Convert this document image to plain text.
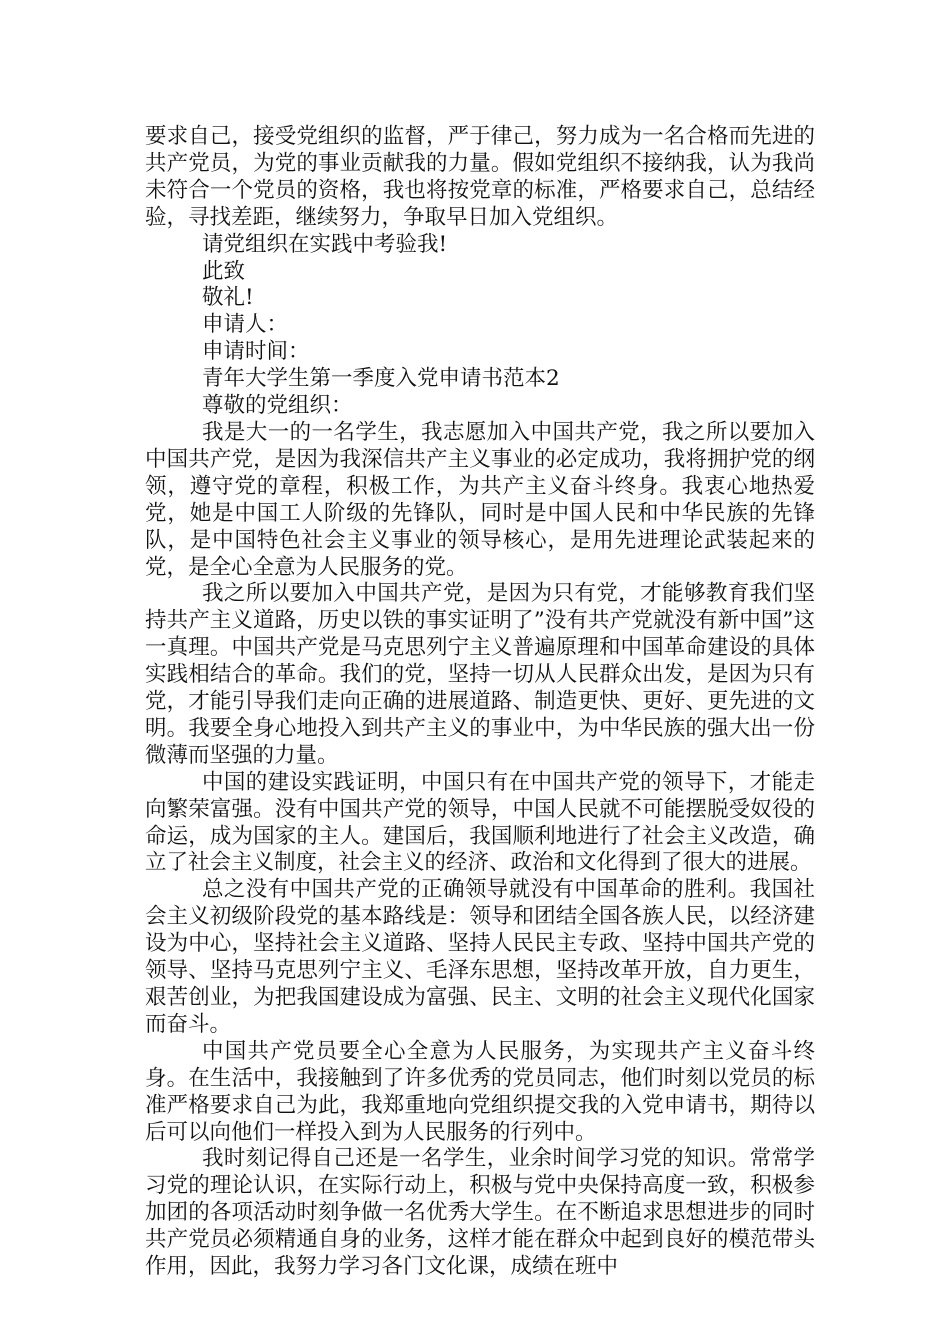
要求自己，接受党组织的监督，严于律己，努力成为一名合格而先进的共产党员，为党的事业贡献我的力量。假如党组织不接纳我，认为我尚未符合一个党员的资格，我也将按党章的标准，严格要求自己，总结经验，寻找差距，继续努力，争取早日加入党组织。

请党组织在实践中考验我!

此致

敬礼!

申请人：

申请时间：

青年大学生第一季度入党申请书范本2

尊敬的党组织：

我是大一的一名学生，我志愿加入中国共产党，我之所以要加入中国共产党，是因为我深信共产主义事业的必定成功，我将拥护党的纲领，遵守党的章程，积极工作，为共产主义奋斗终身。我衷心地热爱党，她是中国工人阶级的先锋队，同时是中国人民和中华民族的先锋队，是中国特色社会主义事业的领导核心，是用先进理论武装起来的党，是全心全意为人民服务的党。

我之所以要加入中国共产党，是因为只有党，才能够教育我们坚持共产主义道路，历史以铁的事实证明了”没有共产党就没有新中国”这一真理。中国共产党是马克思列宁主义普遍原理和中国革命建设的具体实践相结合的革命。我们的党，坚持一切从人民群众出发，是因为只有党，才能引导我们走向正确的进展道路、制造更快、更好、更先进的文明。我要全身心地投入到共产主义的事业中，为中华民族的强大出一份微薄而坚强的力量。

中国的建设实践证明，中国只有在中国共产党的领导下，才能走向繁荣富强。没有中国共产党的领导，中国人民就不可能摆脱受奴役的命运，成为国家的主人。建国后，我国顺利地进行了社会主义改造，确立了社会主义制度，社会主义的经济、政治和文化得到了很大的进展。

总之没有中国共产党的正确领导就没有中国革命的胜利。我国社会主义初级阶段党的基本路线是：领导和团结全国各族人民，以经济建设为中心，坚持社会主义道路、坚持人民民主专政、坚持中国共产党的领导、坚持马克思列宁主义、毛泽东思想，坚持改革开放，自力更生，艰苦创业，为把我国建设成为富强、民主、文明的社会主义现代化国家而奋斗。

中国共产党员要全心全意为人民服务，为实现共产主义奋斗终身。在生活中，我接触到了许多优秀的党员同志，他们时刻以党员的标准严格要求自己为此，我郑重地向党组织提交我的入党申请书，期待以后可以向他们一样投入到为人民服务的行列中。

我时刻记得自己还是一名学生，业余时间学习党的知识。常常学习党的理论认识，在实际行动上，积极与党中央保持高度一致，积极参加团的各项活动时刻争做一名优秀大学生。在不断追求思想进步的同时共产党员必须精通自身的业务，这样才能在群众中起到良好的模范带头作用，因此，我努力学习各门文化课，成绩在班中
